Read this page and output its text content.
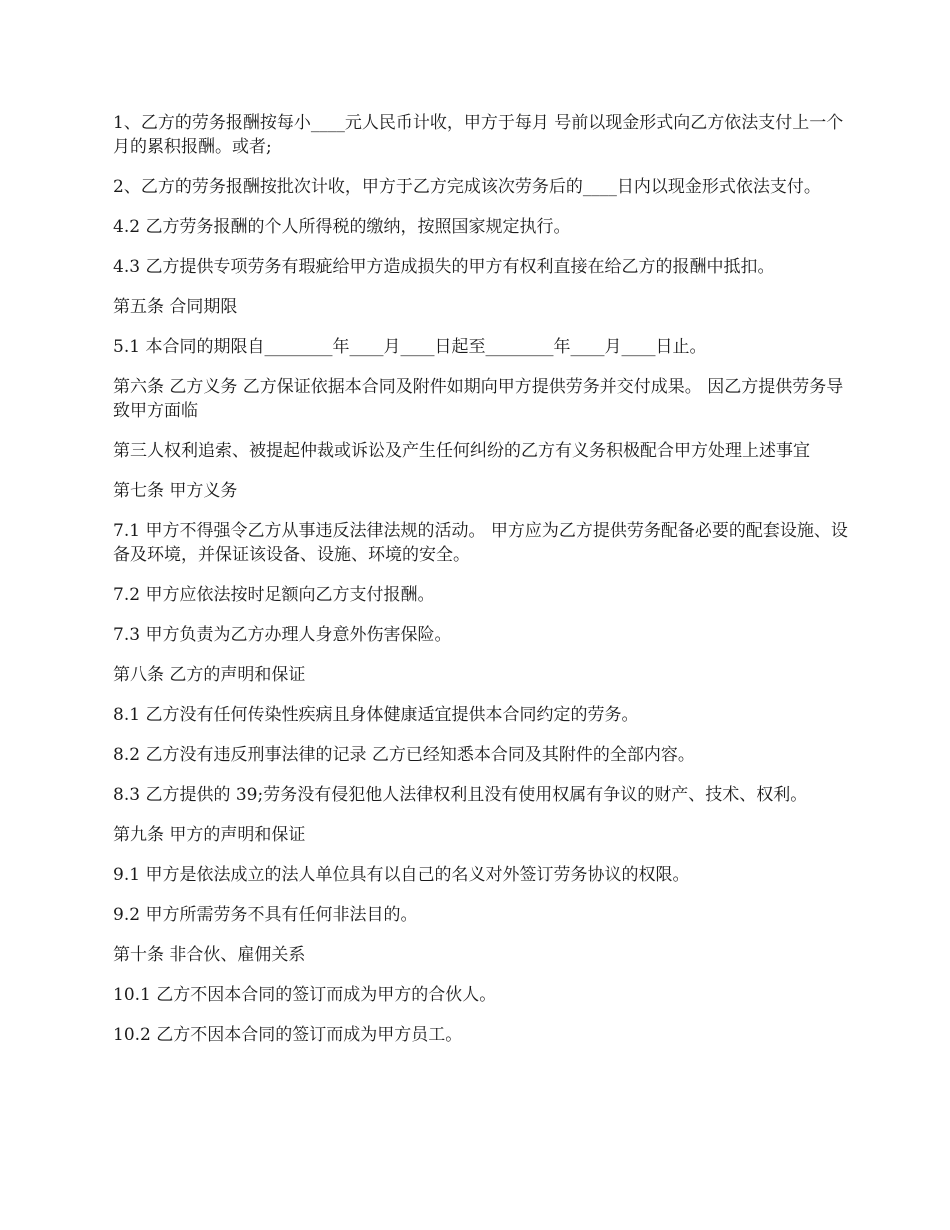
1、乙方的劳务报酬按每小____元人民币计收，甲方于每月 号前以现金形式向乙方依法支付上一个月的累积报酬。或者;

2、乙方的劳务报酬按批次计收，甲方于乙方完成该次劳务后的____日内以现金形式依法支付。

4.2 乙方劳务报酬的个人所得税的缴纳，按照国家规定执行。

4.3 乙方提供专项劳务有瑕疵给甲方造成损失的甲方有权利直接在给乙方的报酬中抵扣。

第五条 合同期限

5.1 本合同的期限自________年____月____日起至________年____月____日止。

第六条 乙方义务 乙方保证依据本合同及附件如期向甲方提供劳务并交付成果。 因乙方提供劳务导致甲方面临

第三人权利追索、被提起仲裁或诉讼及产生任何纠纷的乙方有义务积极配合甲方处理上述事宜

第七条 甲方义务

7.1 甲方不得强令乙方从事违反法律法规的活动。 甲方应为乙方提供劳务配备必要的配套设施、设备及环境，并保证该设备、设施、环境的安全。

7.2 甲方应依法按时足额向乙方支付报酬。

7.3 甲方负责为乙方办理人身意外伤害保险。

第八条 乙方的声明和保证

8.1 乙方没有任何传染性疾病且身体健康适宜提供本合同约定的劳务。

8.2 乙方没有违反刑事法律的记录 乙方已经知悉本合同及其附件的全部内容。

8.3 乙方提供的 39;劳务没有侵犯他人法律权利且没有使用权属有争议的财产、技术、权利。

第九条 甲方的声明和保证

9.1 甲方是依法成立的法人单位具有以自己的名义对外签订劳务协议的权限。

9.2 甲方所需劳务不具有任何非法目的。

第十条 非合伙、雇佣关系

10.1 乙方不因本合同的签订而成为甲方的合伙人。

10.2 乙方不因本合同的签订而成为甲方员工。
